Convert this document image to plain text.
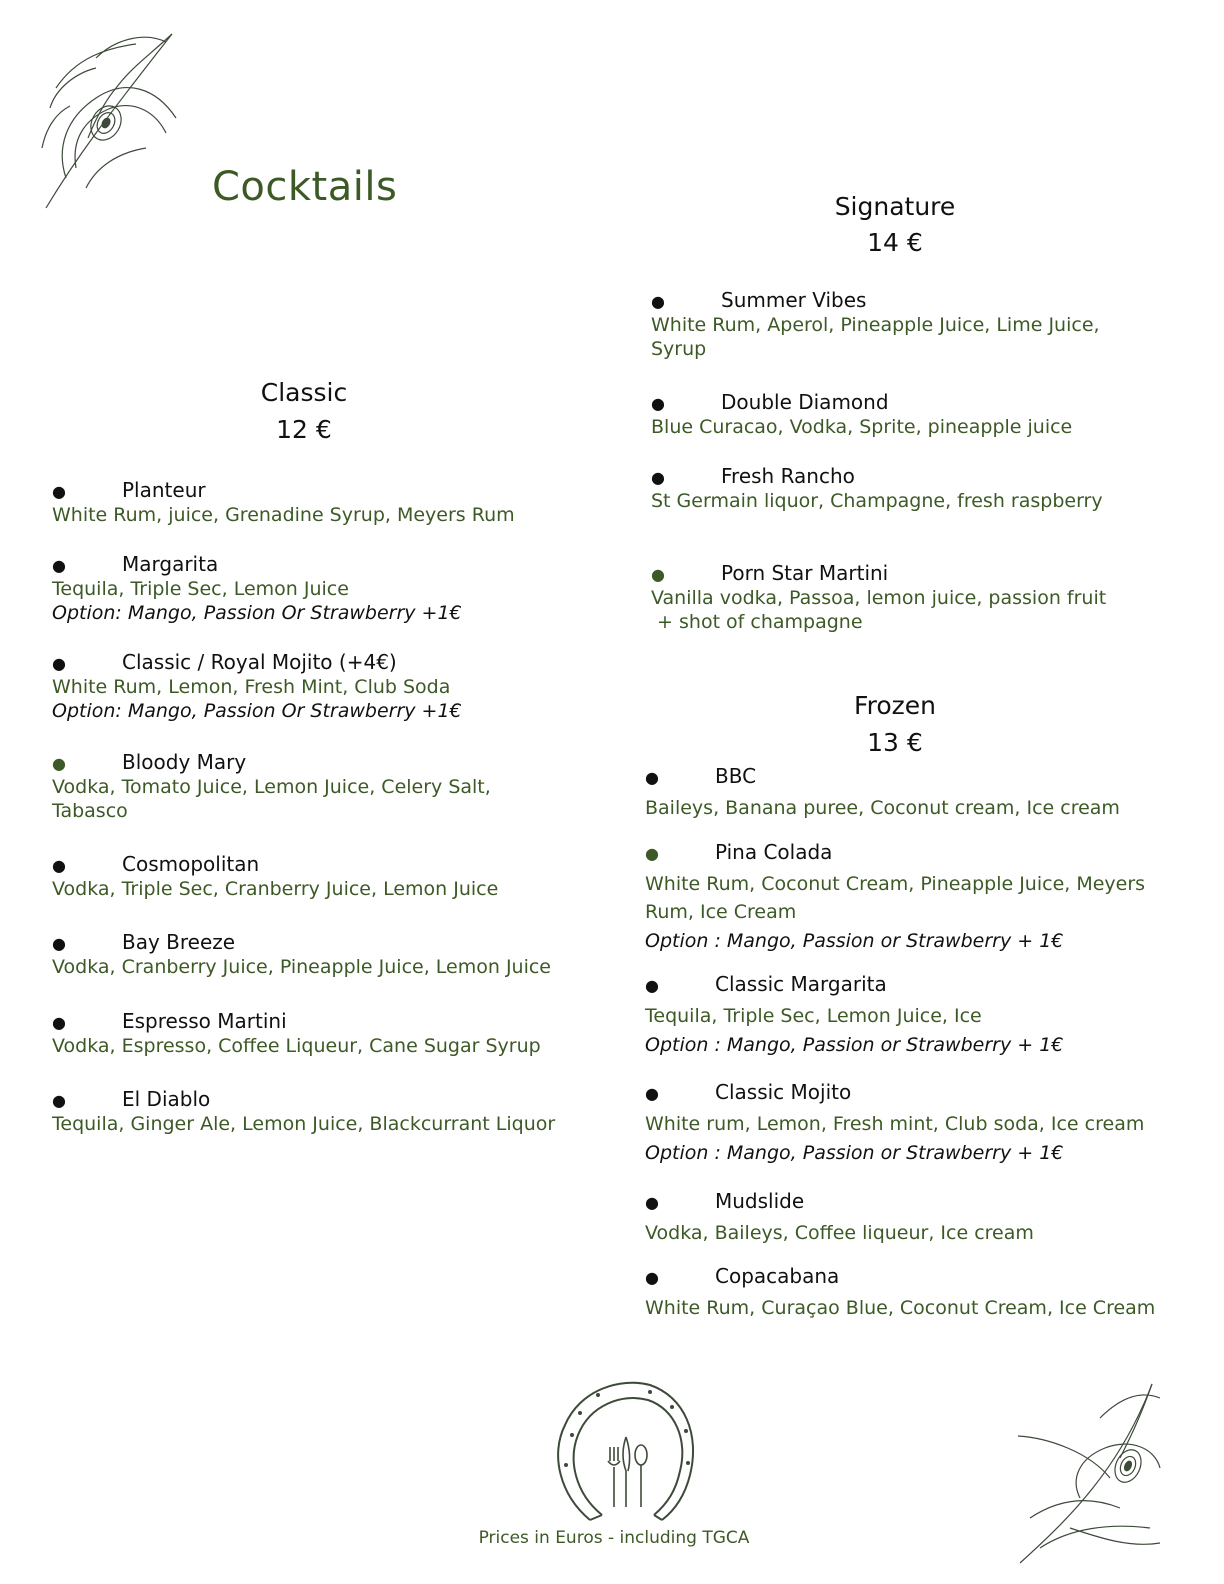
Cocktails
Classic
12 €
●	Planteur
White Rum, juice, Grenadine Syrup, Meyers Rum
●	Margarita
Tequila, Triple Sec, Lemon Juice
Option: Mango, Passion Or Strawberry +1€
●	Classic / Royal Mojito (+4€)
White Rum, Lemon, Fresh Mint, Club Soda
Option: Mango, Passion Or Strawberry +1€
●	Bloody Mary
Vodka, Tomato Juice, Lemon Juice, Celery Salt,
Tabasco
●	Cosmopolitan
Vodka, Triple Sec, Cranberry Juice, Lemon Juice
●	Bay Breeze
Vodka, Cranberry Juice, Pineapple Juice, Lemon Juice
●	Espresso Martini
Vodka, Espresso, Coffee Liqueur, Cane Sugar Syrup
●	El Diablo
Tequila, Ginger Ale, Lemon Juice, Blackcurrant Liquor
Signature
14 €
●	Summer Vibes
White Rum, Aperol, Pineapple Juice, Lime Juice,
Syrup
●	Double Diamond
Blue Curacao, Vodka, Sprite, pineapple juice
●	Fresh Rancho
St Germain liquor, Champagne, fresh raspberry
●	Porn Star Martini
Vanilla vodka, Passoa, lemon juice, passion fruit
+ shot of champagne
Frozen
13 €
●	BBC
Baileys, Banana puree, Coconut cream, Ice cream
●	Pina Colada
White Rum, Coconut Cream, Pineapple Juice, Meyers
Rum, Ice Cream
Option : Mango, Passion or Strawberry + 1€
●	Classic Margarita
Tequila, Triple Sec, Lemon Juice, Ice
Option : Mango, Passion or Strawberry + 1€
●	Classic Mojito
White rum, Lemon, Fresh mint, Club soda, Ice cream
Option : Mango, Passion or Strawberry + 1€
●	Mudslide
Vodka, Baileys, Coffee liqueur, Ice cream
●	Copacabana
White Rum, Curaçao Blue, Coconut Cream, Ice Cream
Prices in Euros - including TGCA
